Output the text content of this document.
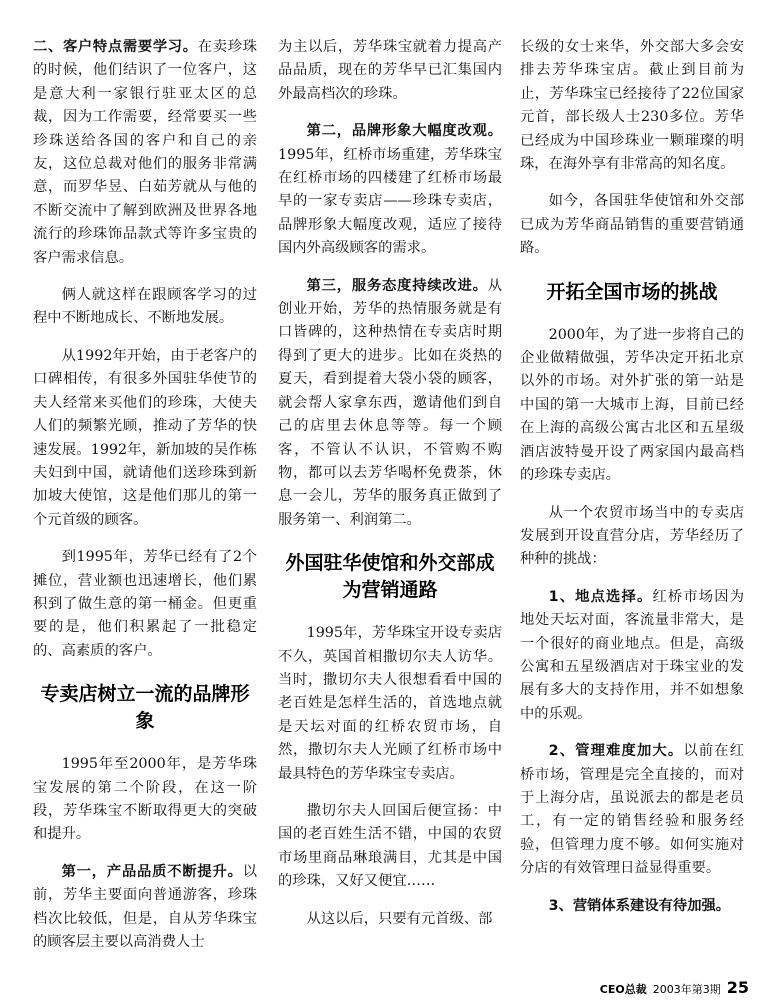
二、客户特点需要学习。在卖珍珠的时候，他们结识了一位客户，这是意大利一家银行驻亚太区的总裁，因为工作需要，经常要买一些珍珠送给各国的客户和自己的亲友，这位总裁对他们的服务非常满意，而罗华昱、白茹芳就从与他的不断交流中了解到欧洲及世界各地流行的珍珠饰品款式等许多宝贵的客户需求信息。

俩人就这样在跟顾客学习的过程中不断地成长、不断地发展。

从1992年开始，由于老客户的口碑相传，有很多外国驻华使节的夫人经常来买他们的珍珠，大使夫人们的频繁光顾，推动了芳华的快速发展。1992年，新加坡的吴作栋夫妇到中国，就请他们送珍珠到新加坡大使馆，这是他们那儿的第一个元首级的顾客。

到1995年，芳华已经有了2个摊位，营业额也迅速增长，他们累积到了做生意的第一桶金。但更重要的是，他们积累起了一批稳定的、高素质的客户。

专卖店树立一流的品牌形象

1995年至2000年，是芳华珠宝发展的第二个阶段，在这一阶段，芳华珠宝不断取得更大的突破和提升。

第一，产品品质不断提升。以前，芳华主要面向普通游客，珍珠档次比较低，但是，自从芳华珠宝的顾客层主要以高消费人士

为主以后，芳华珠宝就着力提高产品品质，现在的芳华早已汇集国内外最高档次的珍珠。

第二，品牌形象大幅度改观。1995年，红桥市场重建，芳华珠宝在红桥市场的四楼建了红桥市场最早的一家专卖店——珍珠专卖店，品牌形象大幅度改观，适应了接待国内外高级顾客的需求。

第三，服务态度持续改进。从创业开始，芳华的热情服务就是有口皆碑的，这种热情在专卖店时期得到了更大的进步。比如在炎热的夏天，看到提着大袋小袋的顾客，就会帮人家拿东西，邀请他们到自己的店里去休息等等。每一个顾客，不管认不认识，不管购不购物，都可以去芳华喝杯免费茶，休息一会儿，芳华的服务真正做到了服务第一、利润第二。

外国驻华使馆和外交部成为营销通路

1995年，芳华珠宝开设专卖店不久，英国首相撒切尔夫人访华。当时，撒切尔夫人很想看看中国的老百姓是怎样生活的，首选地点就是天坛对面的红桥农贸市场，自然，撒切尔夫人光顾了红桥市场中最具特色的芳华珠宝专卖店。

撒切尔夫人回国后便宣扬：中国的老百姓生活不错，中国的农贸市场里商品琳琅满目，尤其是中国的珍珠，又好又便宜……

从这以后，只要有元首级、部

长级的女士来华，外交部大多会安排去芳华珠宝店。截止到目前为止，芳华珠宝已经接待了22位国家元首，部长级人士230多位。芳华已经成为中国珍珠业一颗璀璨的明珠，在海外享有非常高的知名度。

如今，各国驻华使馆和外交部已成为芳华商品销售的重要营销通路。

开拓全国市场的挑战

2000年，为了进一步将自己的企业做精做强，芳华决定开拓北京以外的市场。对外扩张的第一站是中国的第一大城市上海，目前已经在上海的高级公寓古北区和五星级酒店波特曼开设了两家国内最高档的珍珠专卖店。

从一个农贸市场当中的专卖店发展到开设直营分店，芳华经历了种种的挑战：

1、地点选择。红桥市场因为地处天坛对面，客流量非常大，是一个很好的商业地点。但是，高级公寓和五星级酒店对于珠宝业的发展有多大的支持作用，并不如想象中的乐观。

2、管理难度加大。以前在红桥市场，管理是完全直接的，而对于上海分店，虽说派去的都是老员工，有一定的销售经验和服务经验，但管理力度不够。如何实施对分店的有效管理日益显得重要。

3、营销体系建设有待加强。

CEO总裁 2003年第3期 25
